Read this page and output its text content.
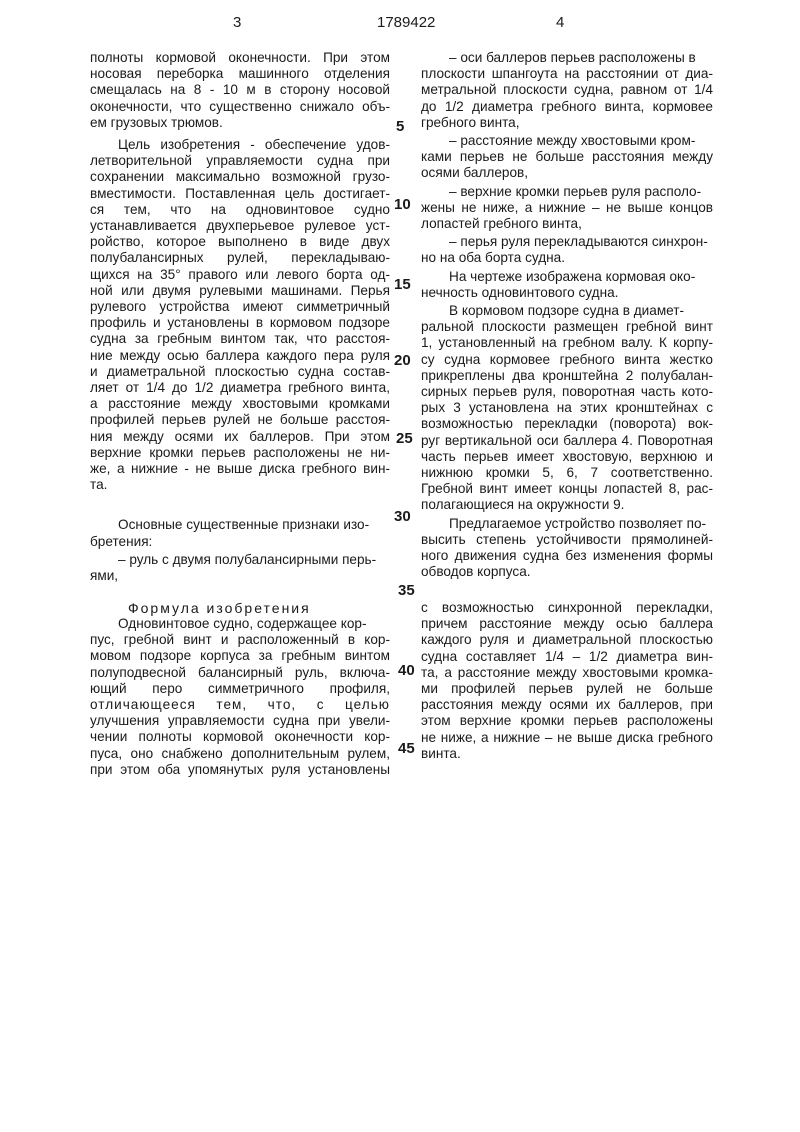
3	1789422	4

полноты кормовой оконечности. При этом

носовая переборка машинного отделения

смещалась на 8 - 10 м в сторону носовой

оконечности, что существенно снижало объ-

ем грузовых трюмов.

Цель изобретения - обеспечение удов-

летворительной управляемости судна при

сохранении максимально возможной грузо-

вместимости. Поставленная цель достигает-

ся тем, что на одновинтовое судно

устанавливается двухперьевое рулевое уст-

ройство, которое выполнено в виде двух

полубалансирных рулей, перекладываю-

щихся на 35° правого или левого борта од-

ной или двумя рулевыми машинами. Перья

рулевого устройства имеют симметричный

профиль и установлены в кормовом подзоре

судна за гребным винтом так, что расстоя-

ние между осью баллера каждого пера руля

и диаметральной плоскостью судна состав-

ляет от 1/4 до 1/2 диаметра гребного винта,

а расстояние между хвостовыми кромками

профилей перьев рулей не больше расстоя-

ния между осями их баллеров. При этом

верхние кромки перьев расположены не ни-

же, а нижние - не выше диска гребного вин-

та.

Основные существенные признаки изо-

бретения:

– руль с двумя полубалансирными перь-

ями,

– оси баллеров перьев расположены в

плоскости шпангоута на расстоянии от диа-

метральной плоскости судна, равном от 1/4

до 1/2 диаметра гребного винта, кормовее

гребного винта,

– расстояние между хвостовыми кром-

ками перьев не больше расстояния между

осями баллеров,

– верхние кромки перьев руля располо-

жены не ниже, а нижние – не выше концов

лопастей гребного винта,

– перья руля перекладываются синхрон-

но на оба борта судна.

На чертеже изображена кормовая око-

нечность одновинтового судна.

В кормовом подзоре судна в диамет-

ральной плоскости размещен гребной винт

1, установленный на гребном валу. К корпу-

су судна кормовее гребного винта жестко

прикреплены два кронштейна 2 полубалан-

сирных перьев руля, поворотная часть кото-

рых 3 установлена на этих кронштейнах с

возможностью перекладки (поворота) вок-

руг вертикальной оси баллера 4. Поворотная

часть перьев имеет хвостовую, верхнюю и

нижнюю кромки 5, 6, 7 соответственно.

Гребной винт имеет концы лопастей 8, рас-

полагающиеся на окружности 9.

Предлагаемое устройство позволяет по-

высить степень устойчивости прямолиней-

ного движения судна без изменения формы

обводов корпуса.

5
10
15
20
25
30
35
40
45
Формула изобретения

Одновинтовое судно, содержащее кор-

пус, гребной винт и расположенный в кор-

мовом подзоре корпуса за гребным винтом

полуподвесной балансирный руль, включа-

ющий перо симметричного профиля,

отличающееся тем, что, с целью

улучшения управляемости судна при увели-

чении полноты кормовой оконечности кор-

пуса, оно снабжено дополнительным рулем,

при этом оба упомянутых руля установлены

с возможностью синхронной перекладки,

причем расстояние между осью баллера

каждого руля и диаметральной плоскостью

судна составляет 1/4 – 1/2 диаметра вин-

та, а расстояние между хвостовыми кромка-

ми профилей перьев рулей не больше

расстояния между осями их баллеров, при

этом верхние кромки перьев расположены

не ниже, а нижние – не выше диска гребного

винта.
